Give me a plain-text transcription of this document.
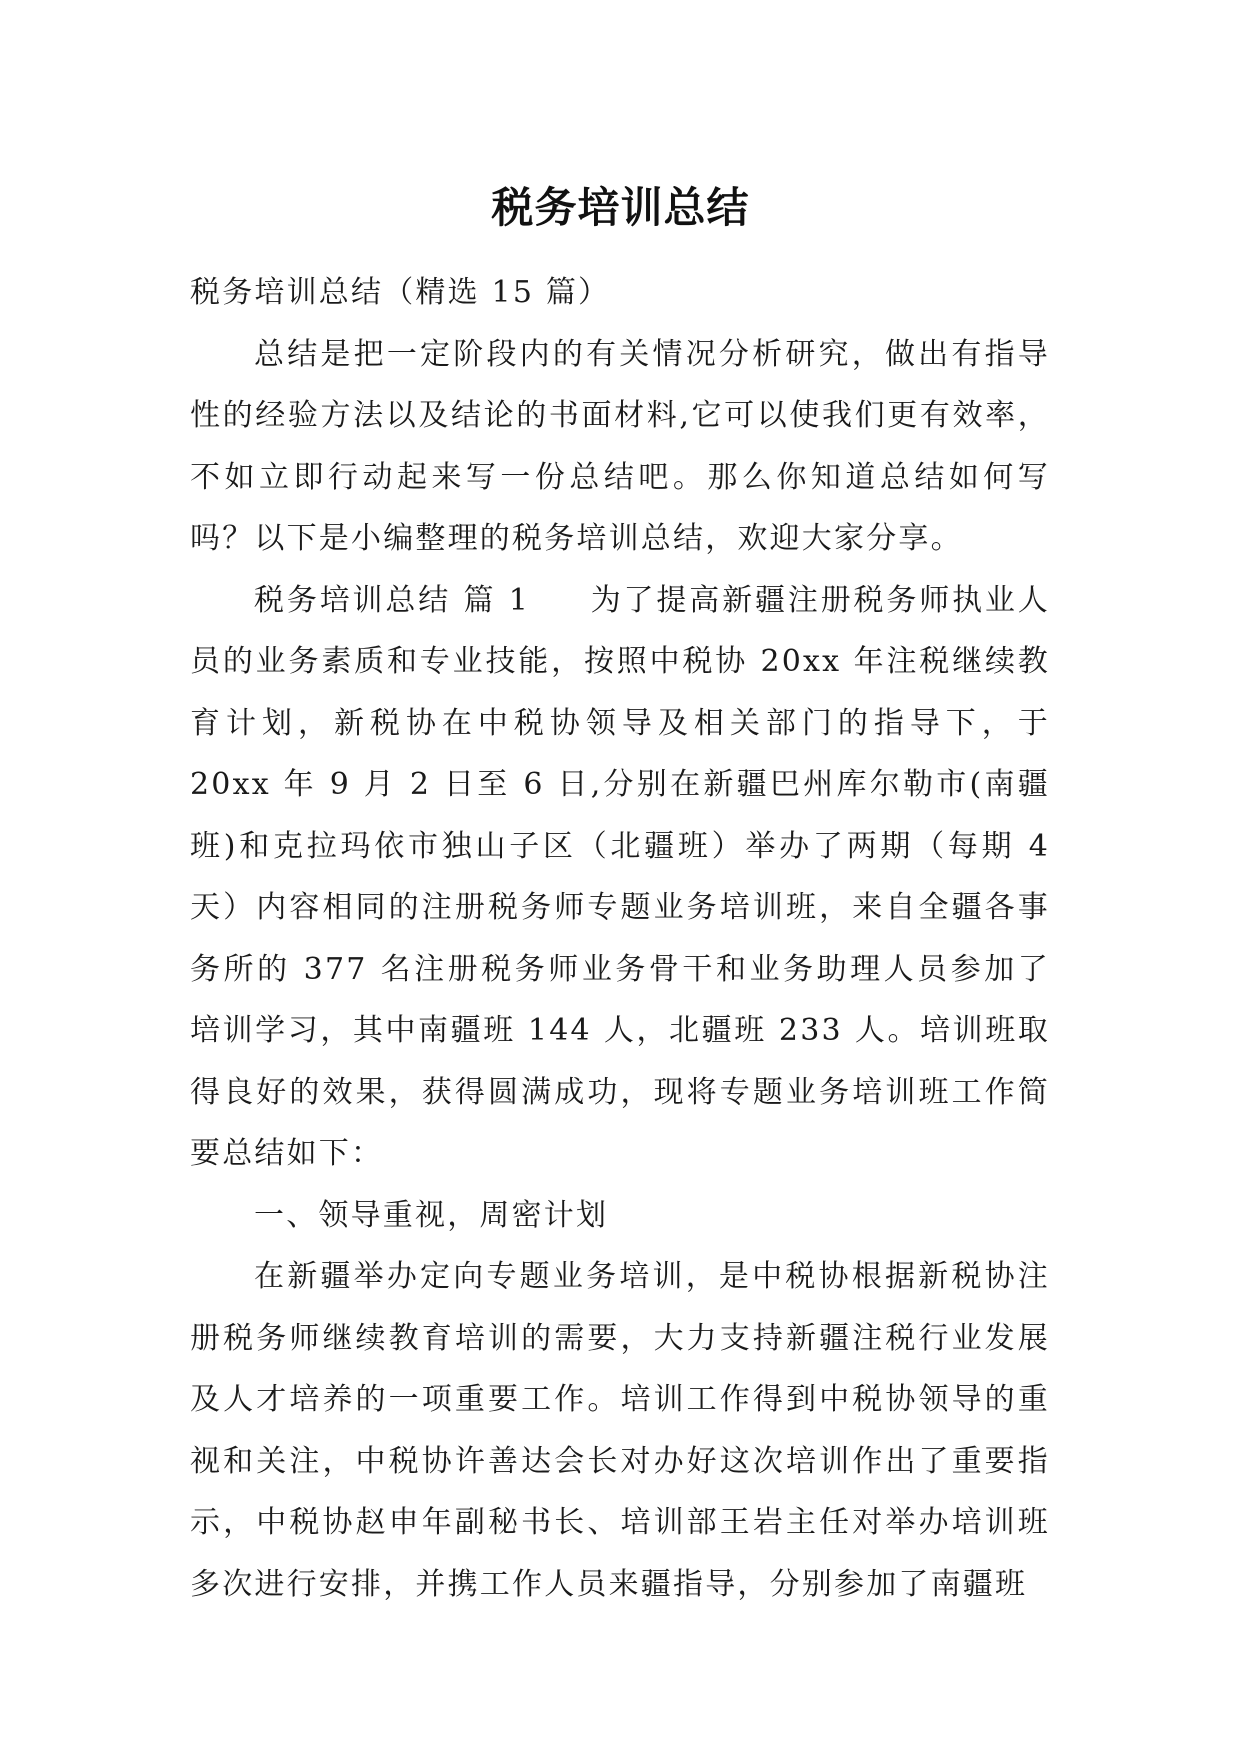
税务培训总结

税务培训总结（精选 15 篇）

总结是把一定阶段内的有关情况分析研究，做出有指导性的经验方法以及结论的书面材料,它可以使我们更有效率，不如立即行动起来写一份总结吧。那么你知道总结如何写吗？以下是小编整理的税务培训总结，欢迎大家分享。

税务培训总结 篇 1 为了提高新疆注册税务师执业人员的业务素质和专业技能，按照中税协 20xx 年注税继续教育计划，新税协在中税协领导及相关部门的指导下，于 20xx 年 9 月 2 日至 6 日,分别在新疆巴州库尔勒市(南疆班)和克拉玛依市独山子区（北疆班）举办了两期（每期 4 天）内容相同的注册税务师专题业务培训班，来自全疆各事务所的 377 名注册税务师业务骨干和业务助理人员参加了培训学习，其中南疆班 144 人，北疆班 233 人。培训班取得良好的效果，获得圆满成功，现将专题业务培训班工作简要总结如下：

一、领导重视，周密计划

在新疆举办定向专题业务培训，是中税协根据新税协注册税务师继续教育培训的需要，大力支持新疆注税行业发展及人才培养的一项重要工作。培训工作得到中税协领导的重视和关注，中税协许善达会长对办好这次培训作出了重要指示，中税协赵申年副秘书长、培训部王岩主任对举办培训班多次进行安排，并携工作人员来疆指导，分别参加了南疆班
